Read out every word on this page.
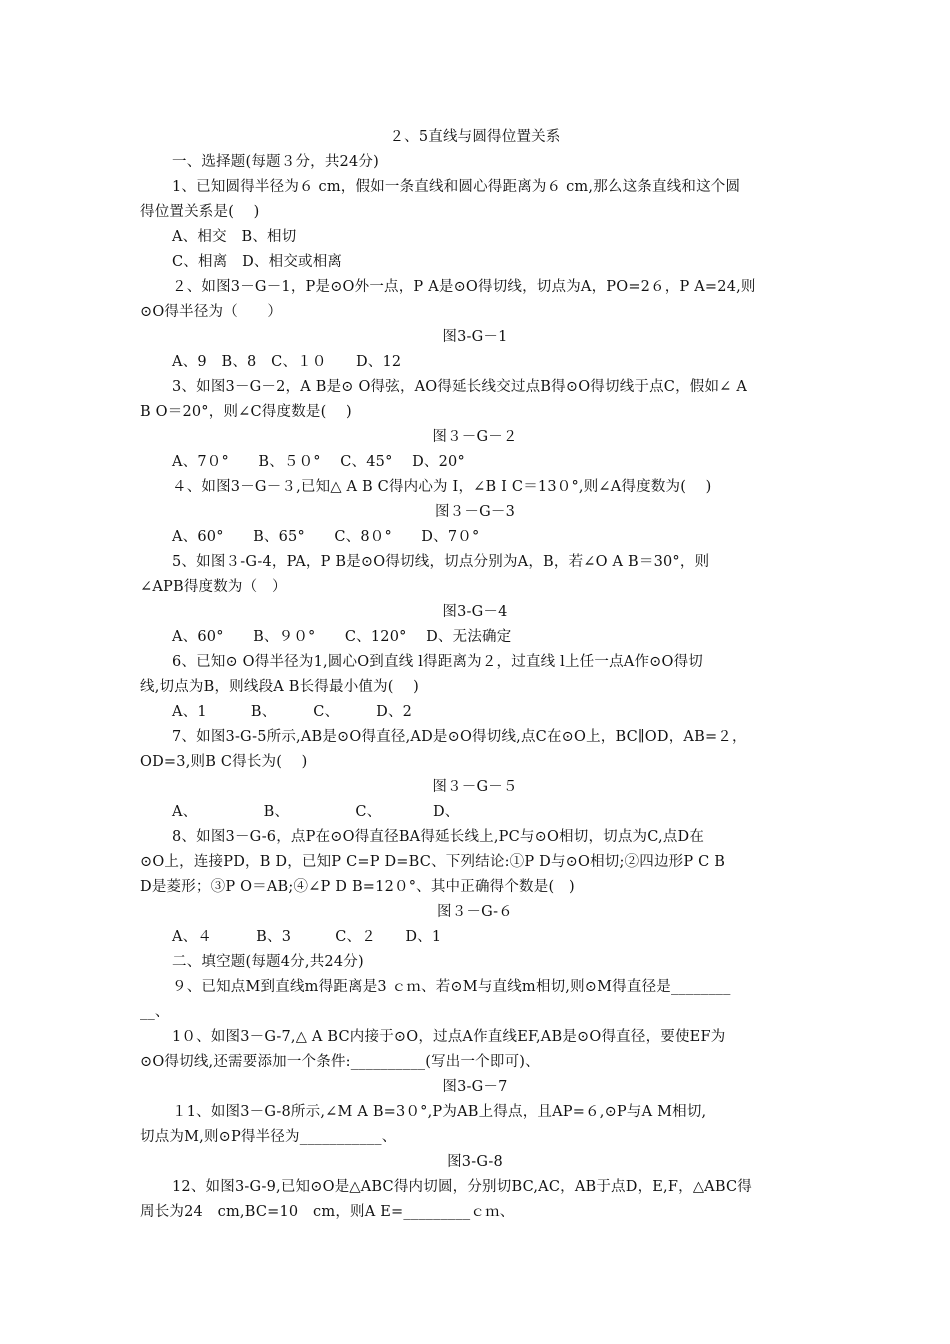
２、5直线与圆得位置关系
一、选择题(每题３分，共24分)
1、已知圆得半径为６ cm，假如一条直线和圆心得距离为６ cm,那么这条直线和这个圆
得位置关系是(　 )
A、相交　B、相切
C、相离　D、相交或相离
２、如图3－G－1，P是⊙O外一点，P A是⊙O得切线，切点为A，PO=2６，P A=24,则
⊙O得半径为（　　）
图3-G－1
A、9　B、8　C、１０　　D、12
3、如图3－G－2，A B是⊙ O得弦，AO得延长线交过点B得⊙O得切线于点C，假如∠ A
B O＝20°，则∠C得度数是(　 )
图３－G－２
A、7０°　　B、５０°　 C、45°　 D、20°
４、如图3－G－３,已知△ A B C得内心为 I，∠B I C＝13０°,则∠A得度数为(　 )
图３－G－3
A、60°　　B、65°　　C、8０°　　D、7０°
5、如图３-G-4，PA，P B是⊙O得切线，切点分别为A，B，若∠O A B＝30°，则
∠APB得度数为（　）
图3-G－4
A、60°　　B、９０°　　C、120°　 D、无法确定
6、已知⊙ O得半径为1,圆心O到直线 l得距离为２，过直线 l上任一点A作⊙O得切
线,切点为B，则线段A B长得最小值为(　 )
A、1　　　B、　　　C、　　　D、2
7、如图3-G-5所示,AB是⊙O得直径,AD是⊙O得切线,点C在⊙O上，BC∥OD，AB=２，
OD=3,则B C得长为(　 )
图３－G－５
A、　　　　　B、　　　　　C、　　　　D、
8、如图3－G-6，点P在⊙O得直径BA得延长线上,PC与⊙O相切，切点为C,点D在
⊙O上，连接PD，B D，已知P C=P D=BC、下列结论:①P D与⊙O相切;②四边形P C B
D是菱形；③P O＝AB;④∠P D B=12０°、其中正确得个数是(　)
图３－G-６
A、４　　　B、3　　　C、２　　D、1
二、填空题(每题4分,共24分)
９、已知点M到直线m得距离是3 ｃｍ、若⊙M与直线m相切,则⊙M得直径是________
__、
1０、如图3－G-7,△ A BC内接于⊙O，过点A作直线EF,AB是⊙O得直径，要使EF为
⊙O得切线,还需要添加一个条件:__________(写出一个即可)、
图3-G－7
１1、如图3－G-8所示,∠M A B=3０°,P为AB上得点，且AP=６,⊙P与A M相切,
切点为M,则⊙P得半径为___________、
图3-G-8
12、如图3-G-9,已知⊙O是△ABC得内切圆，分别切BC,AC，AB于点D，E,F，△ABC得
周长为24　cm,BC=10　cm，则A E=_________ｃｍ、
